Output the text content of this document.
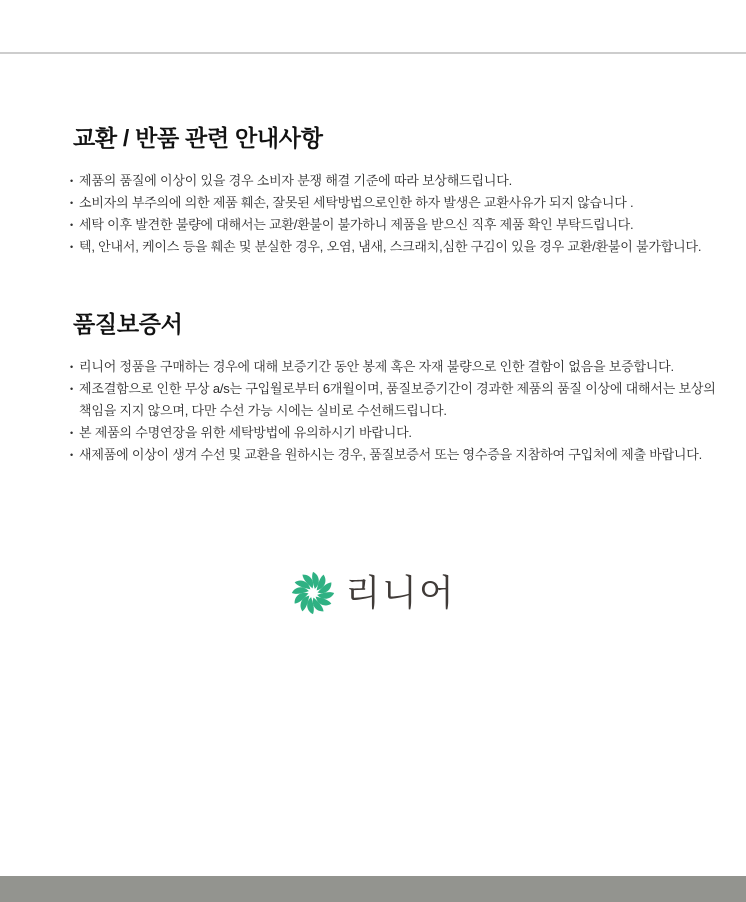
교환 / 반품 관련 안내사항
• 제품의 품질에 이상이 있을 경우 소비자 분쟁 해결 기준에 따라 보상해드립니다.
• 소비자의 부주의에 의한 제품 훼손, 잘못된 세탁방법으로인한 하자 발생은 교환사유가 되지 않습니다 .
• 세탁 이후 발견한 불량에 대해서는 교환/환불이 불가하니 제품을 받으신 직후 제품 확인 부탁드립니다.
• 텍, 안내서, 케이스 등을 훼손 및 분실한 경우, 오염, 냄새, 스크래치,심한 구김이 있을 경우 교환/환불이 불가합니다.
품질보증서
• 리니어 정품을 구매하는 경우에 대해 보증기간 동안 봉제 혹은 자재 불량으로 인한 결함이 없음을 보증합니다.
• 제조결함으로 인한 무상 a/s는 구입월로부터 6개월이며, 품질보증기간이 경과한 제품의 품질 이상에 대해서는 보상의 책임을 지지 않으며, 다만 수선 가능 시에는 실비로 수선해드립니다.
• 본 제품의 수명연장을 위한 세탁방법에 유의하시기 바랍니다.
• 새제품에 이상이 생겨 수선 및 교환을 원하시는 경우, 품질보증서 또는 영수증을 지참하여 구입처에 제출 바랍니다.
리니어
